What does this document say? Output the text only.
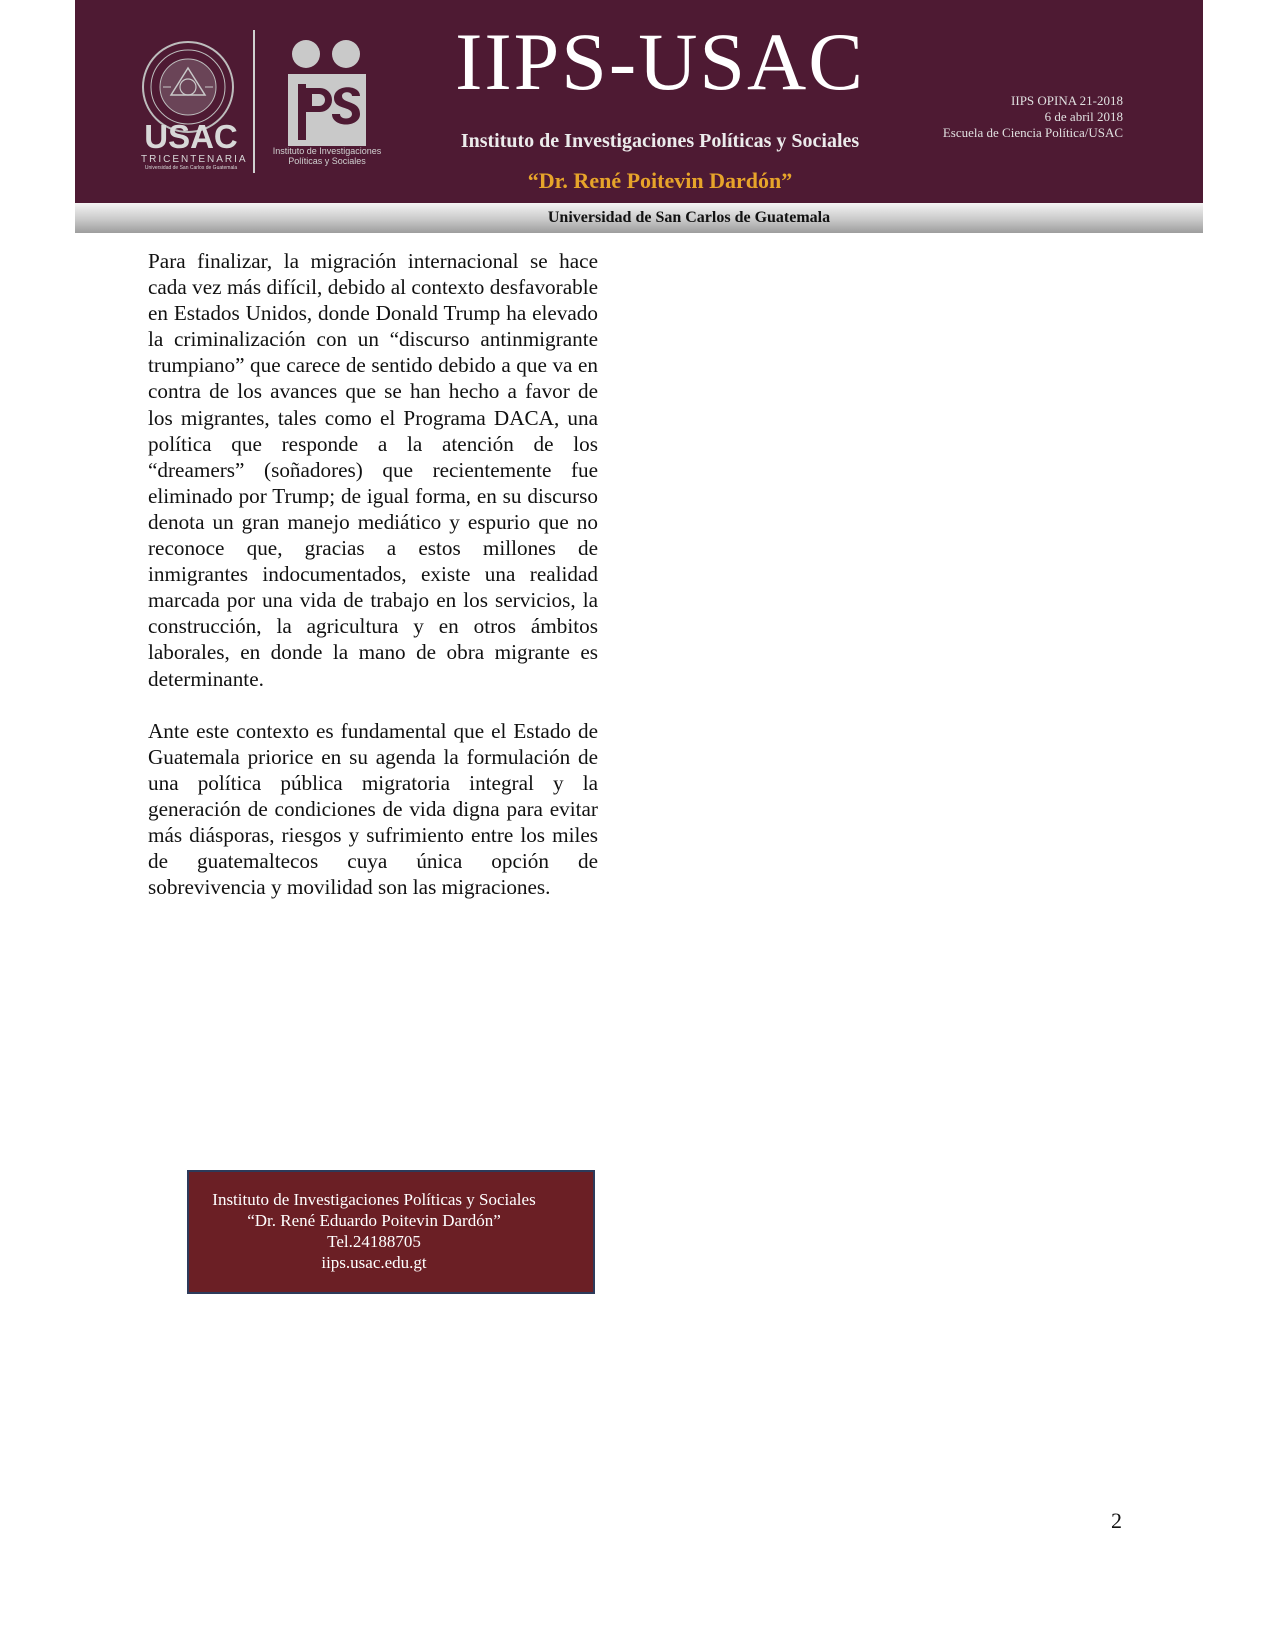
USAC
TRICENTENARIA
Universidad de San Carlos de Guatemala
Instituto de Investigaciones
Políticas y Sociales
IIPS-USAC
Instituto de Investigaciones Políticas y Sociales
“Dr. René Poitevin Dardón”
IIPS OPINA 21-2018
6 de abril 2018
Escuela de Ciencia Política/USAC
Universidad de San Carlos de Guatemala

Para finalizar, la migración internacional se hace cada vez más difícil, debido al contexto desfavorable en Estados Unidos, donde Donald Trump ha elevado la criminalización con un “discurso antinmigrante trumpiano” que carece de sentido debido a que va en contra de los avances que se han hecho a favor de los migrantes, tales como el Programa DACA, una política que responde a la atención de los “dreamers” (soñadores) que recientemente fue eliminado por Trump; de igual forma, en su discurso denota un gran manejo mediático y espurio que no reconoce que, gracias a estos millones de inmigrantes indocumentados, existe una realidad marcada por una vida de trabajo en los servicios, la construcción, la agricultura y en otros ámbitos laborales, en donde la mano de obra migrante es determinante.

Ante este contexto es fundamental que el Estado de Guatemala priorice en su agenda la formulación de una política pública migratoria integral y la generación de condiciones de vida digna para evitar más diásporas, riesgos y sufrimiento entre los miles de guatemaltecos cuya única opción de sobrevivencia y movilidad son las migraciones.

Instituto de Investigaciones Políticas y Sociales
“Dr. René Eduardo Poitevin Dardón”
Tel.24188705
iips.usac.edu.gt
2
